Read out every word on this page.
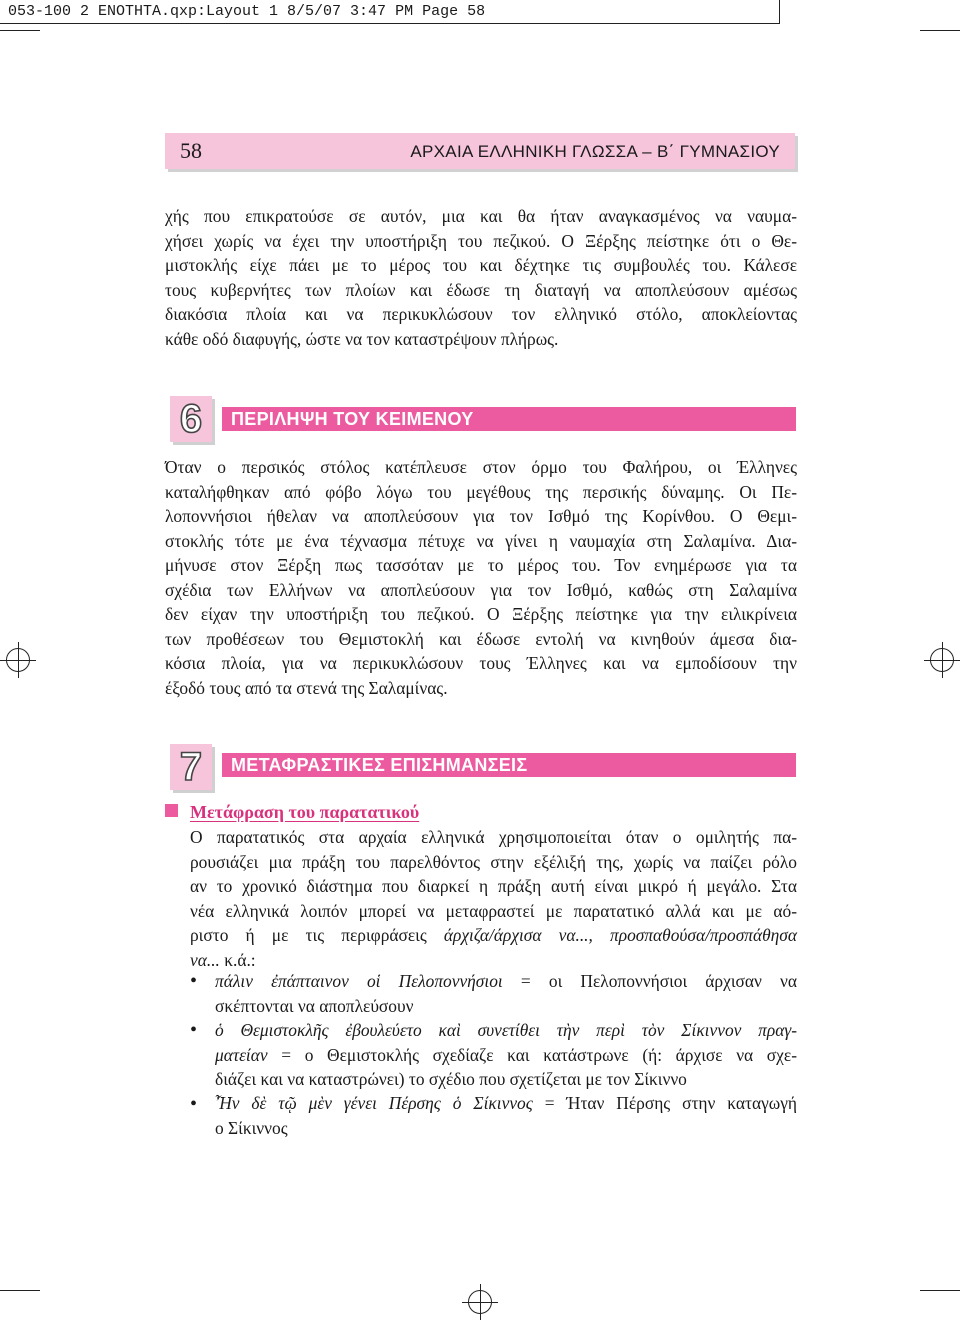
053-100 2 ΕΝΟΤΗΤΑ.qxp:Layout 1 8/5/07 3:47 PM Page 58
58	ΑΡΧΑΙΑ ΕΛΛΗΝΙΚΗ ΓΛΩΣΣΑ – Β΄ ΓΥΜΝΑΣΙΟΥ
χής που επικρατούσε σε αυτόν, μια και θα ήταν αναγκασμένος να ναυμα-
χήσει χωρίς να έχει την υποστήριξη του πεζικού. Ο Ξέρξης πείστηκε ότι ο Θε-
μιστοκλής είχε πάει με το μέρος του και δέχτηκε τις συμβουλές του. Κάλεσε
τους κυβερνήτες των πλοίων και έδωσε τη διαταγή να αποπλεύσουν αμέσως
διακόσια πλοία και να περικυκλώσουν τον ελληνικό στόλο, αποκλείοντας
κάθε οδό διαφυγής, ώστε να τον καταστρέψουν πλήρως.
6	ΠΕΡΙΛΗΨΗ ΤΟΥ ΚΕΙΜΕΝΟΥ
Όταν ο περσικός στόλος κατέπλευσε στον όρμο του Φαλήρου, οι Έλληνες
καταλήφθηκαν από φόβο λόγω του μεγέθους της περσικής δύναμης. Οι Πε-
λοποννήσιοι ήθελαν να αποπλεύσουν για τον Ισθμό της Κορίνθου. Ο Θεμι-
στοκλής τότε με ένα τέχνασμα πέτυχε να γίνει η ναυμαχία στη Σαλαμίνα. Δια-
μήνυσε στον Ξέρξη πως τασσόταν με το μέρος του. Τον ενημέρωσε για τα
σχέδια των Ελλήνων να αποπλεύσουν για τον Ισθμό, καθώς στη Σαλαμίνα
δεν είχαν την υποστήριξη του πεζικού. Ο Ξέρξης πείστηκε για την ειλικρίνεια
των προθέσεων του Θεμιστοκλή και έδωσε εντολή να κινηθούν άμεσα δια-
κόσια πλοία, για να περικυκλώσουν τους Έλληνες και να εμποδίσουν την
έξοδό τους από τα στενά της Σαλαμίνας.
7	ΜΕΤΑΦΡΑΣΤΙΚΕΣ ΕΠΙΣΗΜΑΝΣΕΙΣ
Μετάφραση του παρατατικού
Ο παρατατικός στα αρχαία ελληνικά χρησιμοποιείται όταν ο ομιλητής πα-
ρουσιάζει μια πράξη του παρελθόντος στην εξέλιξή της, χωρίς να παίζει ρόλο
αν το χρονικό διάστημα που διαρκεί η πράξη αυτή είναι μικρό ή μεγάλο. Στα
νέα ελληνικά λοιπόν μπορεί να μεταφραστεί με παρατατικό αλλά και με αό-
ριστο ή με τις περιφράσεις άρχιζα/άρχισα να..., προσπαθούσα/προσπάθησα
να... κ.ά.:
• πάλιν ἐπάπταινον οἱ Πελοποννήσιοι = οι Πελοποννήσιοι άρχισαν να
σκέπτονται να αποπλεύσουν
• ὁ Θεμιστοκλῆς ἐβουλεύετο καὶ συνετίθει τὴν περὶ τὸν Σίκιννον πραγ-
ματείαν = ο Θεμιστοκλής σχεδίαζε και κατάστρωνε (ή: άρχισε να σχε-
διάζει και να καταστρώνει) το σχέδιο που σχετίζεται με τον Σίκιννο
• Ἦν δὲ τῷ μὲν γένει Πέρσης ὁ Σίκιννος = Ήταν Πέρσης στην καταγωγή
ο Σίκιννος
